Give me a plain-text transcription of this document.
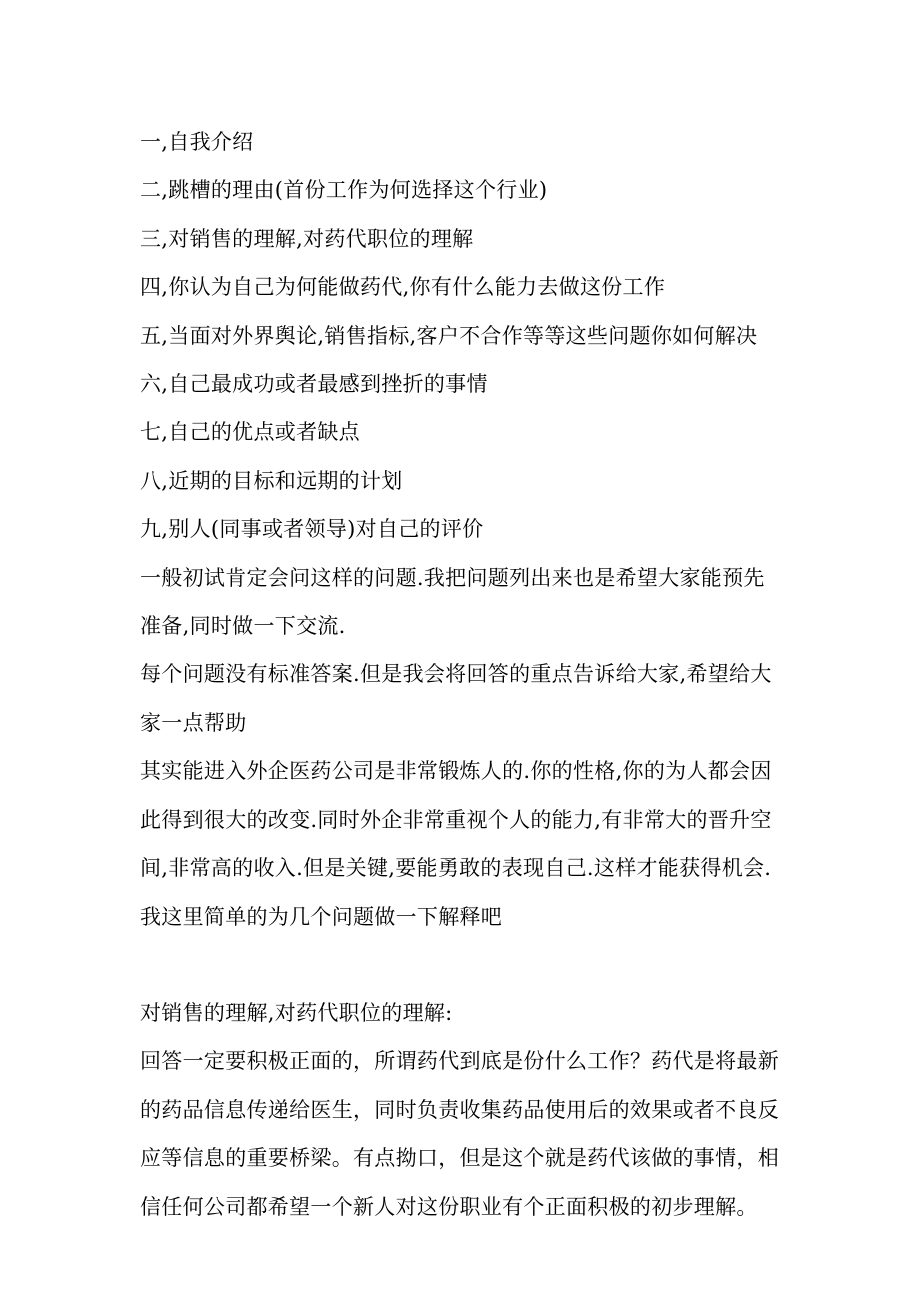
一,自我介绍
二,跳槽的理由(首份工作为何选择这个行业)
三,对销售的理解,对药代职位的理解
四,你认为自己为何能做药代,你有什么能力去做这份工作
五,当面对外界舆论,销售指标,客户不合作等等这些问题你如何解决
六,自己最成功或者最感到挫折的事情
七,自己的优点或者缺点
八,近期的目标和远期的计划
九,别人(同事或者领导)对自己的评价
一般初试肯定会问这样的问题.我把问题列出来也是希望大家能预先
准备,同时做一下交流.
每个问题没有标准答案.但是我会将回答的重点告诉给大家,希望给大
家一点帮助
其实能进入外企医药公司是非常锻炼人的.你的性格,你的为人都会因
此得到很大的改变.同时外企非常重视个人的能力,有非常大的晋升空
间,非常高的收入.但是关键,要能勇敢的表现自己.这样才能获得机会.
我这里简单的为几个问题做一下解释吧
对销售的理解,对药代职位的理解:
回答一定要积极正面的，所谓药代到底是份什么工作？药代是将最新
的药品信息传递给医生，同时负责收集药品使用后的效果或者不良反
应等信息的重要桥梁。有点拗口，但是这个就是药代该做的事情，相
信任何公司都希望一个新人对这份职业有个正面积极的初步理解。
